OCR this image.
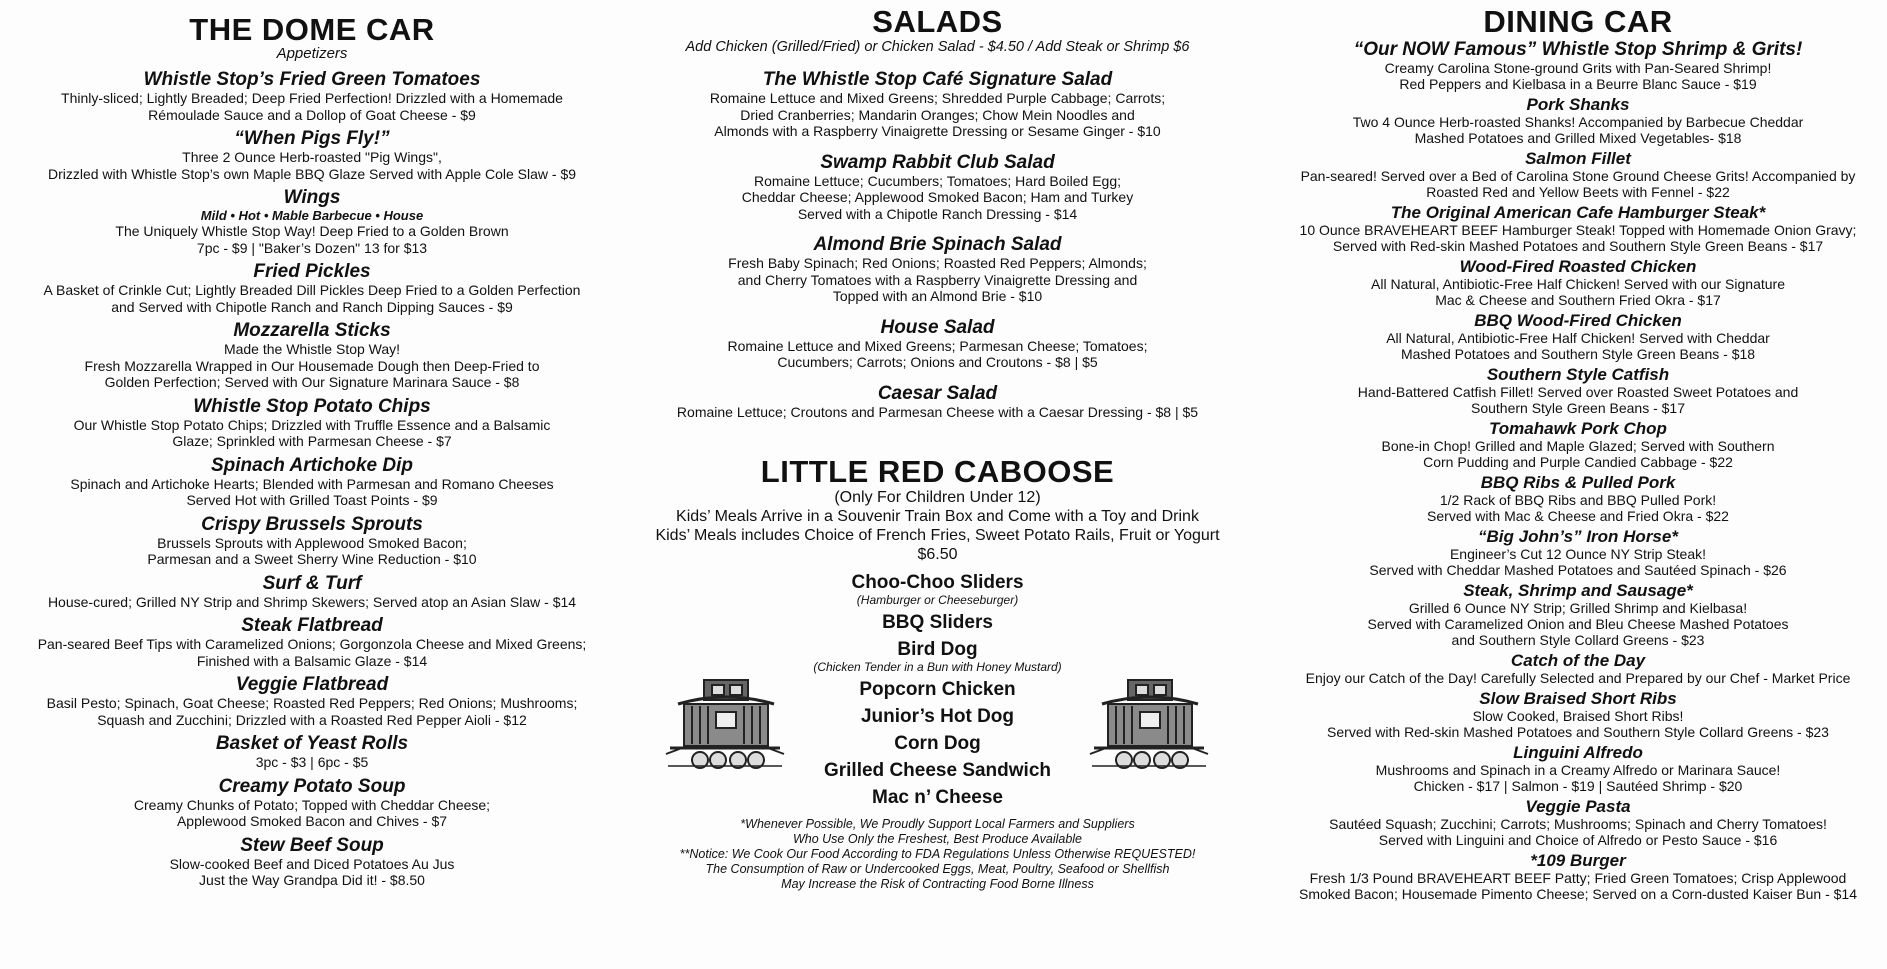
THE DOME CAR
Appetizers
Whistle Stop’s Fried Green Tomatoes
Thinly-sliced; Lightly Breaded; Deep Fried Perfection! Drizzled with a Homemade
Rémoulade Sauce and a Dollop of Goat Cheese - $9
“When Pigs Fly!”
Three 2 Ounce Herb-roasted "Pig Wings",
Drizzled with Whistle Stop’s own Maple BBQ Glaze Served with Apple Cole Slaw - $9
Wings
Mild • Hot • Mable Barbecue • House
The Uniquely Whistle Stop Way! Deep Fried to a Golden Brown
7pc - $9 | "Baker’s Dozen" 13 for $13
Fried Pickles
A Basket of Crinkle Cut; Lightly Breaded Dill Pickles Deep Fried to a Golden Perfection
and Served with Chipotle Ranch and Ranch Dipping Sauces - $9
Mozzarella Sticks
Made the Whistle Stop Way!
Fresh Mozzarella Wrapped in Our Housemade Dough then Deep-Fried to
Golden Perfection; Served with Our Signature Marinara Sauce - $8
Whistle Stop Potato Chips
Our Whistle Stop Potato Chips; Drizzled with Truffle Essence and a Balsamic
Glaze; Sprinkled with Parmesan Cheese - $7
Spinach Artichoke Dip
Spinach and Artichoke Hearts; Blended with Parmesan and Romano Cheeses
Served Hot with Grilled Toast Points - $9
Crispy Brussels Sprouts
Brussels Sprouts with Applewood Smoked Bacon;
Parmesan and a Sweet Sherry Wine Reduction - $10
Surf & Turf
House-cured; Grilled NY Strip and Shrimp Skewers; Served atop an Asian Slaw - $14
Steak Flatbread
Pan-seared Beef Tips with Caramelized Onions; Gorgonzola Cheese and Mixed Greens;
Finished with a Balsamic Glaze - $14
Veggie Flatbread
Basil Pesto; Spinach, Goat Cheese; Roasted Red Peppers; Red Onions; Mushrooms;
Squash and Zucchini; Drizzled with a Roasted Red Pepper Aioli - $12
Basket of Yeast Rolls
3pc - $3 | 6pc - $5
Creamy Potato Soup
Creamy Chunks of Potato; Topped with Cheddar Cheese;
Applewood Smoked Bacon and Chives - $7
Stew Beef Soup
Slow-cooked Beef and Diced Potatoes Au Jus
Just the Way Grandpa Did it! - $8.50
SALADS
Add Chicken (Grilled/Fried) or Chicken Salad - $4.50 / Add Steak or Shrimp $6
The Whistle Stop Café Signature Salad
Romaine Lettuce and Mixed Greens; Shredded Purple Cabbage; Carrots;
Dried Cranberries; Mandarin Oranges; Chow Mein Noodles and
Almonds with a Raspberry Vinaigrette Dressing or Sesame Ginger - $10
Swamp Rabbit Club Salad
Romaine Lettuce; Cucumbers; Tomatoes; Hard Boiled Egg;
Cheddar Cheese; Applewood Smoked Bacon; Ham and Turkey
Served with a Chipotle Ranch Dressing - $14
Almond Brie Spinach Salad
Fresh Baby Spinach; Red Onions; Roasted Red Peppers; Almonds;
and Cherry Tomatoes with a Raspberry Vinaigrette Dressing and
Topped with an Almond Brie - $10
House Salad
Romaine Lettuce and Mixed Greens; Parmesan Cheese; Tomatoes;
Cucumbers; Carrots; Onions and Croutons - $8 | $5
Caesar Salad
Romaine Lettuce; Croutons and Parmesan Cheese with a Caesar Dressing - $8 | $5
LITTLE RED CABOOSE
(Only For Children Under 12)
Kids’ Meals Arrive in a Souvenir Train Box and Come with a Toy and Drink
Kids’ Meals includes Choice of French Fries, Sweet Potato Rails, Fruit or Yogurt
$6.50
Choo-Choo Sliders
(Hamburger or Cheeseburger)
BBQ Sliders
Bird Dog
(Chicken Tender in a Bun with Honey Mustard)
Popcorn Chicken
Junior’s Hot Dog
Corn Dog
Grilled Cheese Sandwich
Mac n’ Cheese
*Whenever Possible, We Proudly Support Local Farmers and Suppliers
Who Use Only the Freshest, Best Produce Available
**Notice: We Cook Our Food According to FDA Regulations Unless Otherwise REQUESTED!
The Consumption of Raw or Undercooked Eggs, Meat, Poultry, Seafood or Shellfish
May Increase the Risk of Contracting Food Borne Illness
DINING CAR
“Our NOW Famous” Whistle Stop Shrimp & Grits!
Creamy Carolina Stone-ground Grits with Pan-Seared Shrimp!
Red Peppers and Kielbasa in a Beurre Blanc Sauce - $19
Pork Shanks
Two 4 Ounce Herb-roasted Shanks! Accompanied by Barbecue Cheddar
Mashed Potatoes and Grilled Mixed Vegetables- $18
Salmon Fillet
Pan-seared! Served over a Bed of Carolina Stone Ground Cheese Grits! Accompanied by
Roasted Red and Yellow Beets with Fennel - $22
The Original American Cafe Hamburger Steak*
10 Ounce BRAVEHEART BEEF Hamburger Steak! Topped with Homemade Onion Gravy;
Served with Red-skin Mashed Potatoes and Southern Style Green Beans - $17
Wood-Fired Roasted Chicken
All Natural, Antibiotic-Free Half Chicken! Served with our Signature
Mac & Cheese and Southern Fried Okra - $17
BBQ Wood-Fired Chicken
All Natural, Antibiotic-Free Half Chicken! Served with Cheddar
Mashed Potatoes and Southern Style Green Beans - $18
Southern Style Catfish
Hand-Battered Catfish Fillet! Served over Roasted Sweet Potatoes and
Southern Style Green Beans - $17
Tomahawk Pork Chop
Bone-in Chop! Grilled and Maple Glazed; Served with Southern
Corn Pudding and Purple Candied Cabbage - $22
BBQ Ribs & Pulled Pork
1/2 Rack of BBQ Ribs and BBQ Pulled Pork!
Served with Mac & Cheese and Fried Okra - $22
“Big John’s” Iron Horse*
Engineer’s Cut 12 Ounce NY Strip Steak!
Served with Cheddar Mashed Potatoes and Sautéed Spinach - $26
Steak, Shrimp and Sausage*
Grilled 6 Ounce NY Strip; Grilled Shrimp and Kielbasa!
Served with Caramelized Onion and Bleu Cheese Mashed Potatoes
and Southern Style Collard Greens - $23
Catch of the Day
Enjoy our Catch of the Day! Carefully Selected and Prepared by our Chef - Market Price
Slow Braised Short Ribs
Slow Cooked, Braised Short Ribs!
Served with Red-skin Mashed Potatoes and Southern Style Collard Greens - $23
Linguini Alfredo
Mushrooms and Spinach in a Creamy Alfredo or Marinara Sauce!
Chicken - $17 | Salmon - $19 | Sautéed Shrimp - $20
Veggie Pasta
Sautéed Squash; Zucchini; Carrots; Mushrooms; Spinach and Cherry Tomatoes!
Served with Linguini and Choice of Alfredo or Pesto Sauce - $16
*109 Burger
Fresh 1/3 Pound BRAVEHEART BEEF Patty; Fried Green Tomatoes; Crisp Applewood
Smoked Bacon; Housemade Pimento Cheese; Served on a Corn-dusted Kaiser Bun - $14
